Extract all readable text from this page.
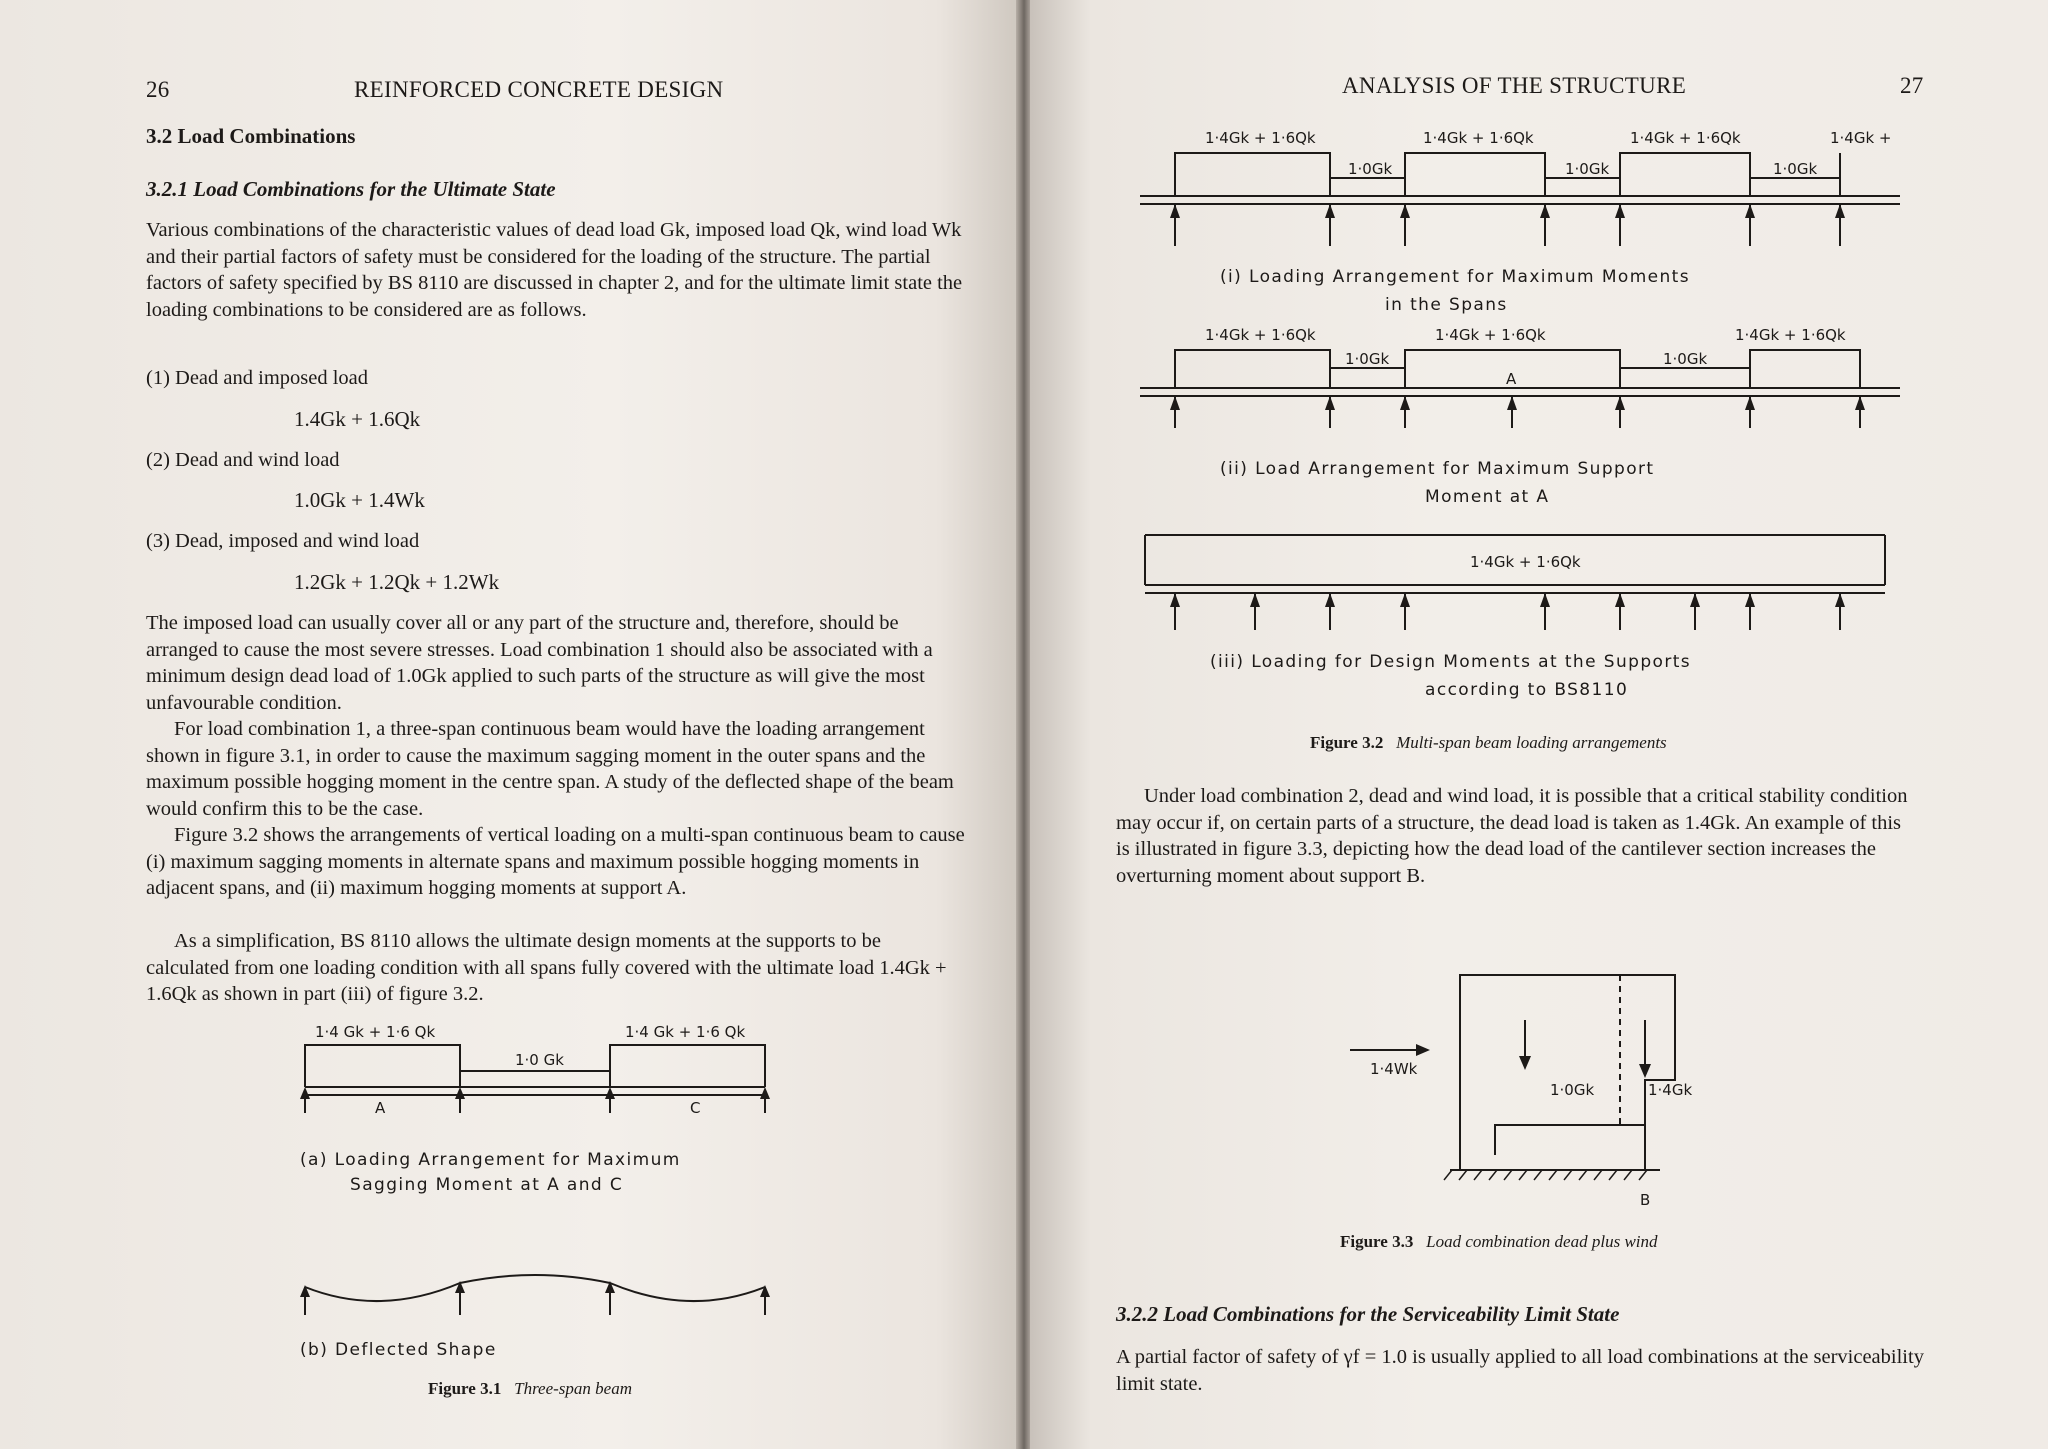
26	REINFORCED CONCRETE DESIGN
3.2 Load Combinations
3.2.1 Load Combinations for the Ultimate State

Various combinations of the characteristic values of dead load Gk, imposed load Qk, wind load Wk and their partial factors of safety must be considered for the loading of the structure. The partial factors of safety specified by BS 8110 are discussed in chapter 2, and for the ultimate limit state the loading combinations to be considered are as follows.

(1) Dead and imposed load
1.4Gk + 1.6Qk
(2) Dead and wind load
1.0Gk + 1.4Wk
(3) Dead, imposed and wind load
1.2Gk + 1.2Qk + 1.2Wk

The imposed load can usually cover all or any part of the structure and, therefore, should be arranged to cause the most severe stresses. Load combination 1 should also be associated with a minimum design dead load of 1.0Gk applied to such parts of the structure as will give the most unfavourable condition.

For load combination 1, a three-span continuous beam would have the loading arrangement shown in figure 3.1, in order to cause the maximum sagging moment in the outer spans and the maximum possible hogging moment in the centre span. A study of the deflected shape of the beam would confirm this to be the case.

Figure 3.2 shows the arrangements of vertical loading on a multi-span continuous beam to cause (i) maximum sagging moments in alternate spans and maximum possible hogging moments in adjacent spans, and (ii) maximum hogging moments at support A.

As a simplification, BS 8110 allows the ultimate design moments at the supports to be calculated from one loading condition with all spans fully covered with the ultimate load 1.4Gk + 1.6Qk as shown in part (iii) of figure 3.2.

1·4 Gk + 1·6 Qk
1·0 Gk
1·4 Gk + 1·6 Qk
A	C
(a) Loading Arrangement for Maximum
Sagging Moment at A and C
(b) Deflected Shape
Figure 3.1 Three-span beam
ANALYSIS OF THE STRUCTURE	27
1·4Gk + 1·6Qk	1·4Gk + 1·6Qk	1·4Gk + 1·6Qk	1·4Gk +
1·0Gk	1·0Gk	1·0Gk
(i) Loading Arrangement for Maximum Moments
in the Spans
1·4Gk + 1·6Qk	1·4Gk + 1·6Qk	1·4Gk + 1·6Qk
1·0Gk	1·0Gk
A
(ii) Load Arrangement for Maximum Support
Moment at A
1·4Gk + 1·6Qk
(iii) Loading for Design Moments at the Supports
according to BS8110
Figure 3.2 Multi-span beam loading arrangements

Under load combination 2, dead and wind load, it is possible that a critical stability condition may occur if, on certain parts of a structure, the dead load is taken as 1.4Gk. An example of this is illustrated in figure 3.3, depicting how the dead load of the cantilever section increases the overturning moment about support B.

1·4Wk
1·0Gk	1·4Gk
B
Figure 3.3 Load combination dead plus wind
3.2.2 Load Combinations for the Serviceability Limit State

A partial factor of safety of γf = 1.0 is usually applied to all load combinations at the serviceability limit state.
